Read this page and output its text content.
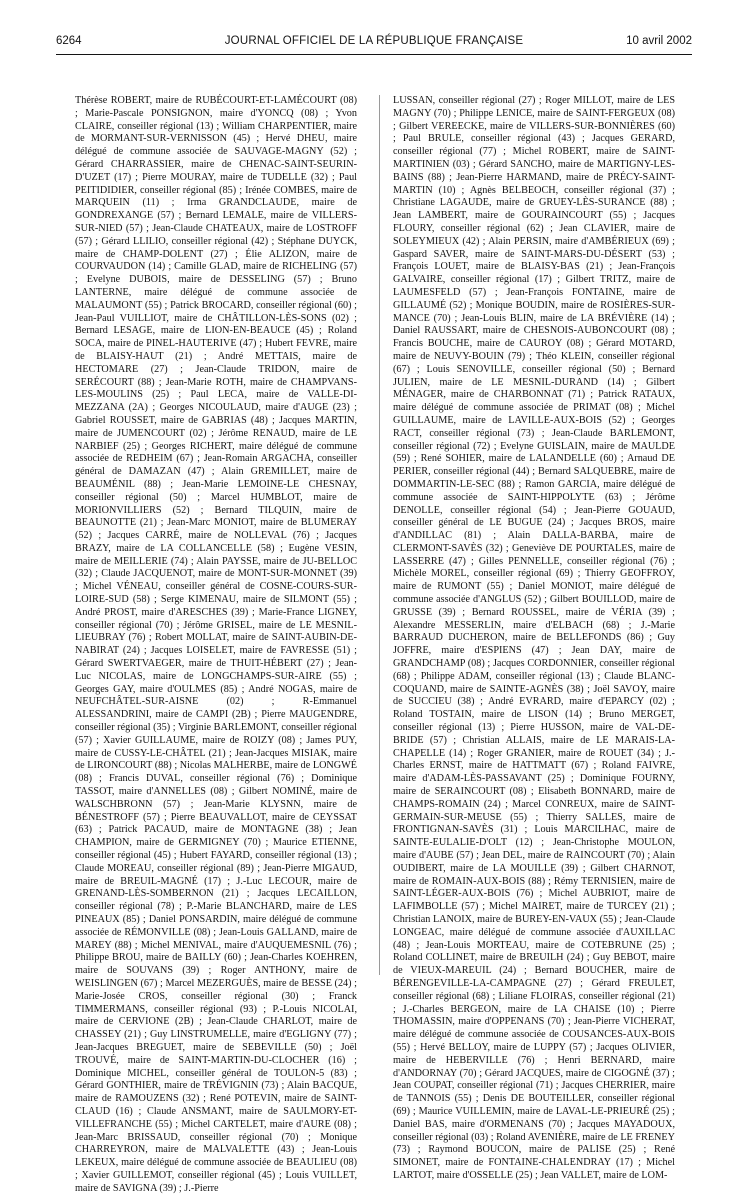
6264	JOURNAL OFFICIEL DE LA RÉPUBLIQUE FRANÇAISE	10 avril 2002

Thérèse ROBERT, maire de RUBÉCOURT-ET-LAMÉCOURT (08) ; Marie-Pascale PONSIGNON, maire d'YONCQ (08) ; Yvon CLAIRE, conseiller régional (13) ; William CHARPENTIER, maire de MORMANT-SUR-VERNISSON (45) ; Hervé DHEU, maire délégué de commune associée de SAUVAGE-MAGNY (52) ; Gérard CHARRASSIER, maire de CHENAC-SAINT-SEURIN-D'UZET (17) ; Pierre MOURAY, maire de TUDELLE (32) ; Paul PEITIDIDIER, conseiller régional (85) ; Irénée COMBES, maire de MARQUEIN (11) ; Irma GRANDCLAUDE, maire de GONDREXANGE (57) ; Bernard LEMALE, maire de VILLERS-SUR-NIED (57) ; Jean-Claude CHATEAUX, maire de LOSTROFF (57) ; Gérard LLILIO, conseiller régional (42) ; Stéphane DUYCK, maire de CHAMP-DOLENT (27) ; Élie ALIZON, maire de COURVAUDON (14) ; Camille GLAD, maire de RICHELING (57) ; Evelyne DUBOIS, maire de DESSELING (57) ; Bruno LANTERNE, maire délégué de commune associée de MALAUMONT (55) ; Patrick BROCARD, conseiller régional (60) ; Jean-Paul VUILLIOT, maire de CHÂTILLON-LÈS-SONS (02) ; Bernard LESAGE, maire de LION-EN-BEAUCE (45) ; Roland SOCA, maire de PINEL-HAUTERIVE (47) ; Hubert FEVRE, maire de BLAISY-HAUT (21) ; André METTAIS, maire de HECTOMARE (27) ; Jean-Claude TRIDON, maire de SERÉCOURT (88) ; Jean-Marie ROTH, maire de CHAMPVANS-LES-MOULINS (25) ; Paul LECA, maire de VALLE-DI-MEZZANA (2A) ; Georges NICOULAUD, maire d'AUGE (23) ; Gabriel ROUSSET, maire de GABRIAS (48) ; Jacques MARTIN, maire de JUMENCOURT (02) ; Jérôme RENAUD, maire de LE NARBIEF (25) ; Georges RICHERT, maire délégué de commune associée de REDHEIM (67) ; Jean-Romain ARGACHA, conseiller général de DAMAZAN (47) ; Alain GREMILLET, maire de BEAUMÉNIL (88) ; Jean-Marie LEMOINE-LE CHESNAY, conseiller régional (50) ; Marcel HUMBLOT, maire de MORIONVILLIERS (52) ; Bernard TILQUIN, maire de BEAUNOTTE (21) ; Jean-Marc MONIOT, maire de BLUMERAY (52) ; Jacques CARRÉ, maire de NOLLEVAL (76) ; Jacques BRAZY, maire de LA COLLANCELLE (58) ; Eugène VESIN, maire de MEILLERIE (74) ; Alain PAYSSE, maire de JU-BELLOC (32) ; Claude JACQUENOT, maire de MONT-SUR-MONNET (39) ; Michel VÉNEAU, conseiller général de COSNE-COURS-SUR-LOIRE-SUD (58) ; Serge KIMENAU, maire de SILMONT (55) ; André PROST, maire d'ARESCHES (39) ; Marie-France LIGNEY, conseiller régional (70) ; Jérôme GRISEL, maire de LE MESNIL-LIEUBRAY (76) ; Robert MOLLAT, maire de SAINT-AUBIN-DE-NABIRAT (24) ; Jacques LOISELET, maire de FAVRESSE (51) ; Gérard SWERTVAEGER, maire de THUIT-HÉBERT (27) ; Jean-Luc NICOLAS, maire de LONGCHAMPS-SUR-AIRE (55) ; Georges GAY, maire d'OULMES (85) ; André NOGAS, maire de NEUFCHÂTEL-SUR-AISNE (02) ; R-Emmanuel ALESSANDRINI, maire de CAMPI (2B) ; Pierre MAUGENDRE, conseiller régional (35) ; Virginie BARLEMONT, conseiller régional (57) ; Xavier GUILLAUME, maire de ROIZY (08) ; James PUY, maire de CUSSY-LE-CHÂTEL (21) ; Jean-Jacques MISIAK, maire de LIRONCOURT (88) ; Nicolas MALHERBE, maire de LONGWÉ (08) ; Francis DUVAL, conseiller régional (76) ; Dominique TASSOT, maire d'ANNELLES (08) ; Gilbert NOMINÉ, maire de WALSCHBRONN (57) ; Jean-Marie KLYSNN, maire de BÉNESTROFF (57) ; Pierre BEAUVALLOT, maire de CEYSSAT (63) ; Patrick PACAUD, maire de MONTAGNE (38) ; Jean CHAMPION, maire de GERMIGNEY (70) ; Maurice ETIENNE, conseiller régional (45) ; Hubert FAYARD, conseiller régional (13) ; Claude MOREAU, conseiller régional (89) ; Jean-Pierre MIGAUD, maire de BREUIL-MAGNÉ (17) ; J.-Luc LECOUR, maire de GRENAND-LÈS-SOMBERNON (21) ; Jacques LECAILLON, conseiller régional (78) ; P.-Marie BLANCHARD, maire de LES PINEAUX (85) ; Daniel PONSARDIN, maire délégué de commune associée de RÉMONVILLE (08) ; Jean-Louis GALLAND, maire de MAREY (88) ; Michel MENIVAL, maire d'AUQUEMESNIL (76) ; Philippe BROU, maire de BAILLY (60) ; Jean-Charles KOEHREN, maire de SOUVANS (39) ; Roger ANTHONY, maire de WEISLINGEN (67) ; Marcel MEZERGUÈS, maire de BESSE (24) ; Marie-Josée CROS, conseiller régional (30) ; Franck TIMMERMANS, conseiller régional (93) ; P.-Louis NICOLAI, maire de CERVIONE (2B) ; Jean-Claude CHARLOT, maire de CHASSEY (21) ; Guy LINSTRUMELLE, maire d'EGLIGNY (77) ; Jean-Jacques BREGUET, maire de SEBEVILLE (50) ; Joël TROUVÉ, maire de SAINT-MARTIN-DU-CLOCHER (16) ; Dominique MICHEL, conseiller général de TOULON-5 (83) ; Gérard GONTHIER, maire de TRÉVIGNIN (73) ; Alain BACQUE, maire de RAMOUZENS (32) ; René POTEVIN, maire de SAINT-CLAUD (16) ; Claude ANSMANT, maire de SAULMORY-ET-VILLEFRANCHE (55) ; Michel CARTELET, maire d'AURE (08) ; Jean-Marc BRISSAUD, conseiller régional (70) ; Monique CHARREYRON, maire de MALVALETTE (43) ; Jean-Louis LEKEUX, maire délégué de commune associée de BEAULIEU (08) ; Xavier GUILLEMOT, conseiller régional (45) ; Louis VUILLET, maire de SAVIGNA (39) ; J.-Pierre

LUSSAN, conseiller régional (27) ; Roger MILLOT, maire de LES MAGNY (70) ; Philippe LENICE, maire de SAINT-FERGEUX (08) ; Gilbert VEREECKE, maire de VILLERS-SUR-BONNIÈRES (60) ; Paul BRULE, conseiller régional (43) ; Jacques GERARD, conseiller régional (77) ; Michel ROBERT, maire de SAINT-MARTINIEN (03) ; Gérard SANCHO, maire de MARTIGNY-LES-BAINS (88) ; Jean-Pierre HARMAND, maire de PRÉCY-SAINT-MARTIN (10) ; Agnès BELBEOCH, conseiller régional (37) ; Christiane LAGAUDE, maire de GRUEY-LÈS-SURANCE (88) ; Jean LAMBERT, maire de GOURAINCOURT (55) ; Jacques FLOURY, conseiller régional (62) ; Jean CLAVIER, maire de SOLEYMIEUX (42) ; Alain PERSIN, maire d'AMBÉRIEUX (69) ; Gaspard SAVER, maire de SAINT-MARS-DU-DÉSERT (53) ; François LOUET, maire de BLAISY-BAS (21) ; Jean-François GALVAIRE, conseiller régional (17) ; Gilbert TRITZ, maire de LAUMESFELD (57) ; Jean-François FONTAINE, maire de GILLAUMÉ (52) ; Monique BOUDIN, maire de ROSIÈRES-SUR-MANCE (70) ; Jean-Louis BLIN, maire de LA BRÉVIÈRE (14) ; Daniel RAUSSART, maire de CHESNOIS-AUBONCOURT (08) ; Francis BOUCHE, maire de CAUROY (08) ; Gérard MOTARD, maire de NEUVY-BOUIN (79) ; Théo KLEIN, conseiller régional (67) ; Louis SENOVILLE, conseiller régional (50) ; Bernard JULIEN, maire de LE MESNIL-DURAND (14) ; Gilbert MÉNAGER, maire de CHARBONNAT (71) ; Patrick RATAUX, maire délégué de commune associée de PRIMAT (08) ; Michel GUILLAUME, maire de LAVILLE-AUX-BOIS (52) ; Georges RACT, conseiller régional (73) ; Jean-Claude BARLEMONT, conseiller régional (72) ; Evelyne GUISLAIN, maire de MAULDE (59) ; René SOHIER, maire de LALANDELLE (60) ; Arnaud DE PERIER, conseiller régional (44) ; Bernard SALQUEBRE, maire de DOMMARTIN-LE-SEC (88) ; Ramon GARCIA, maire délégué de commune associée de SAINT-HIPPOLYTE (63) ; Jérôme DENOLLE, conseiller régional (54) ; Jean-Pierre GOUAUD, conseiller général de LE BUGUE (24) ; Jacques BROS, maire d'ANDILLAC (81) ; Alain DALLA-BARBA, maire de CLERMONT-SAVÈS (32) ; Geneviève DE POURTALES, maire de LASSERRE (47) ; Gilles PENNELLE, conseiller régional (76) ; Michèle MOREL, conseiller régional (69) ; Thierry GEOFFROY, maire de RUMONT (55) ; Daniel MONIOT, maire délégué de commune associée d'ANGLUS (52) ; Gilbert BOUILLOD, maire de GRUSSE (39) ; Bernard ROUSSEL, maire de VÉRIA (39) ; Alexandre MESSERLIN, maire d'ELBACH (68) ; J.-Marie BARRAUD DUCHERON, maire de BELLEFONDS (86) ; Guy JOFFRE, maire d'ESPIENS (47) ; Jean DAY, maire de GRANDCHAMP (08) ; Jacques CORDONNIER, conseiller régional (68) ; Philippe ADAM, conseiller régional (13) ; Claude BLANC-COQUAND, maire de SAINTE-AGNÈS (38) ; Joël SAVOY, maire de SUCCIEU (38) ; André EVRARD, maire d'EPARCY (02) ; Roland TOSTAIN, maire de LISON (14) ; Bruno MERGET, conseiller régional (13) ; Pierre HUSSON, maire de VAL-DE-BRIDE (57) ; Christian ALLAIS, maire de LE MARAIS-LA-CHAPELLE (14) ; Roger GRANIER, maire de ROUET (34) ; J.-Charles ERNST, maire de HATTMATT (67) ; Roland FAIVRE, maire d'ADAM-LÈS-PASSAVANT (25) ; Dominique FOURNY, maire de SERAINCOURT (08) ; Elisabeth BONNARD, maire de CHAMPS-ROMAIN (24) ; Marcel CONREUX, maire de SAINT-GERMAIN-SUR-MEUSE (55) ; Thierry SALLES, maire de FRONTIGNAN-SAVÈS (31) ; Louis MARCILHAC, maire de SAINTE-EULALIE-D'OLT (12) ; Jean-Christophe MOULON, maire d'AUBE (57) ; Jean DEL, maire de RAINCOURT (70) ; Alain OUDIBERT, maire de LA MOUILLE (39) ; Gilbert CHARNOT, maire de ROMAIN-AUX-BOIS (88) ; Rémy TERNISIEN, maire de SAINT-LÉGER-AUX-BOIS (76) ; Michel AUBRIOT, maire de LAFIMBOLLE (57) ; Michel MAIRET, maire de TURCEY (21) ; Christian LANOIX, maire de BUREY-EN-VAUX (55) ; Jean-Claude LONGEAC, maire délégué de commune associée d'AUXILLAC (48) ; Jean-Louis MORTEAU, maire de COTEBRUNE (25) ; Roland COLLINET, maire de BREUILH (24) ; Guy BEBOT, maire de VIEUX-MAREUIL (24) ; Bernard BOUCHER, maire de BÉRENGEVILLE-LA-CAMPAGNE (27) ; Gérard FREULET, conseiller régional (68) ; Liliane FLOIRAS, conseiller régional (21) ; J.-Charles BERGEON, maire de LA CHAISE (10) ; Pierre THOMASSIN, maire d'OPPENANS (70) ; Jean-Pierre VICHERAT, maire délégué de commune associée de COUSANCES-AUX-BOIS (55) ; Hervé BELLOY, maire de LUPPY (57) ; Jacques OLIVIER, maire de HEBERVILLE (76) ; Henri BERNARD, maire d'ANDORNAY (70) ; Gérard JACQUES, maire de CIGOGNÉ (37) ; Jean COUPAT, conseiller régional (71) ; Jacques CHERRIER, maire de TANNOIS (55) ; Denis DE BOUTEILLER, conseiller régional (69) ; Maurice VUILLEMIN, maire de LAVAL-LE-PRIEURÉ (25) ; Daniel BAS, maire d'ORMENANS (70) ; Jacques MAYADOUX, conseiller régional (03) ; Roland AVENIÈRE, maire de LE FRENEY (73) ; Raymond BOUCON, maire de PALISE (25) ; René SIMONET, maire de FONTAINE-CHALENDRAY (17) ; Michel LARTOT, maire d'OSSELLE (25) ; Jean VALLET, maire de LOM-
